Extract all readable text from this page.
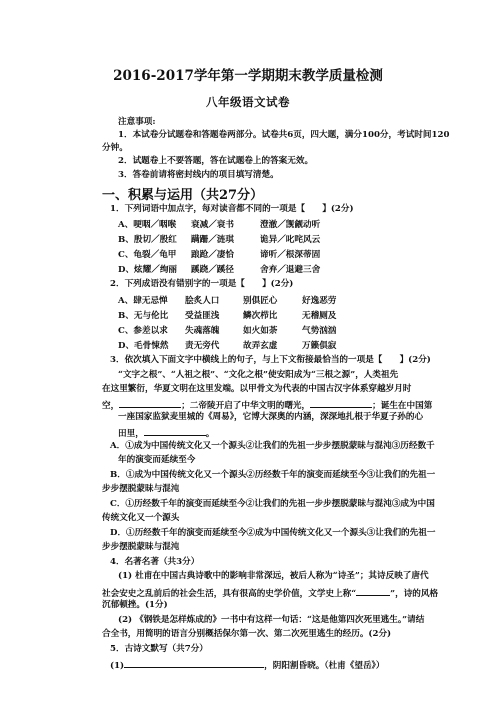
2016-2017学年第一学期期末教学质量检测
八年级语文试卷
注意事项:
1．本试卷分试题卷和答题卷两部分。试卷共6页，四大题，满分100分，考试时间120
分钟。
2．试题卷上不要答题，答在试题卷上的答案无效。
3．答卷前请将密封线内的项目填写清楚。
一、积累与运用（共27分）
1．下列词语中加点字，每对读音都不同的一项是【　　】(2分)
A、哽咽／咽喉 衰减／衰书	澄澈／觊觎动听
B、殷切／殷红 蹒跚／涟琪	诡异／叱咤风云
C、龟裂／龟甲 踉跄／凄恰	谛听／根深蒂固
D、炫耀／绚丽 蹊跷／蹊径	舍弃／退避三舍
2．下列成语没有错别字的一项是【　　】(2分)
A、肆无忌惮 脍炙人口	别俱匠心	好逸恶劳
B、无与伦比 受益匪浅	鳞次栉比	无稽厕及
C、参差以求 失魂落魄	如火如荼	气势汹汹
D、毛骨悚然 责无旁代	故弄玄虚	万籁俱寂
3．依次填入下面文字中横线上的句子，与上下文衔接最恰当的一项是【　　】(2分)
“文字之根”、“人祖之根”、“文化之根”使安阳成为“三根之源”，人类祖先
在这里繁衍，华夏文明在这里发端。以甲骨文为代表的中国古汉字体系穿越岁月时
空，	；二帝陵开启了中华文明的曙光，	；诞生在中国第
一座国家监狱麦里城的《周易》，它博大深奥的内涵，深深地扎根于华夏子孙的心
田里，	。
A．①成为中国传统文化又一个源头②让我们的先祖一步步摆脱蒙昧与混沌③历经数千
年的演变而延续至今
B．①成为中国传统文化又一个源头②历经数千年的演变而延续至今③让我们的先祖一
步步摆脱蒙昧与混沌
C．①历经数千年的演变而延续至今②让我们的先祖一步步摆脱蒙昧与混沌③成为中国
传统文化又一个源头
D．①历经数千年的演变而延续至今②成为中国传统文化又一个源头③让我们的先祖一
步步摆脱蒙昧与混沌
4．名著名著（共3分）
(1) 杜甫在中国古典诗歌中的影响非常深远，被后人称为“诗圣”；其诗反映了唐代
社会安史之乱前后的社会生活，具有很高的史学价值，文学史上称“	”，诗的风格
沉郁顿挫。(1分)
(2) 《钢铁是怎样炼成的》一书中有这样一句话：“这是他第四次死里逃生。”请结
合全书，用简明的语言分别概括保尔第一次、第二次死里逃生的经历。(2分)
5．古诗文默写（共7分）
(1)	，阴阳割昏晓。（杜甫《望岳》）
